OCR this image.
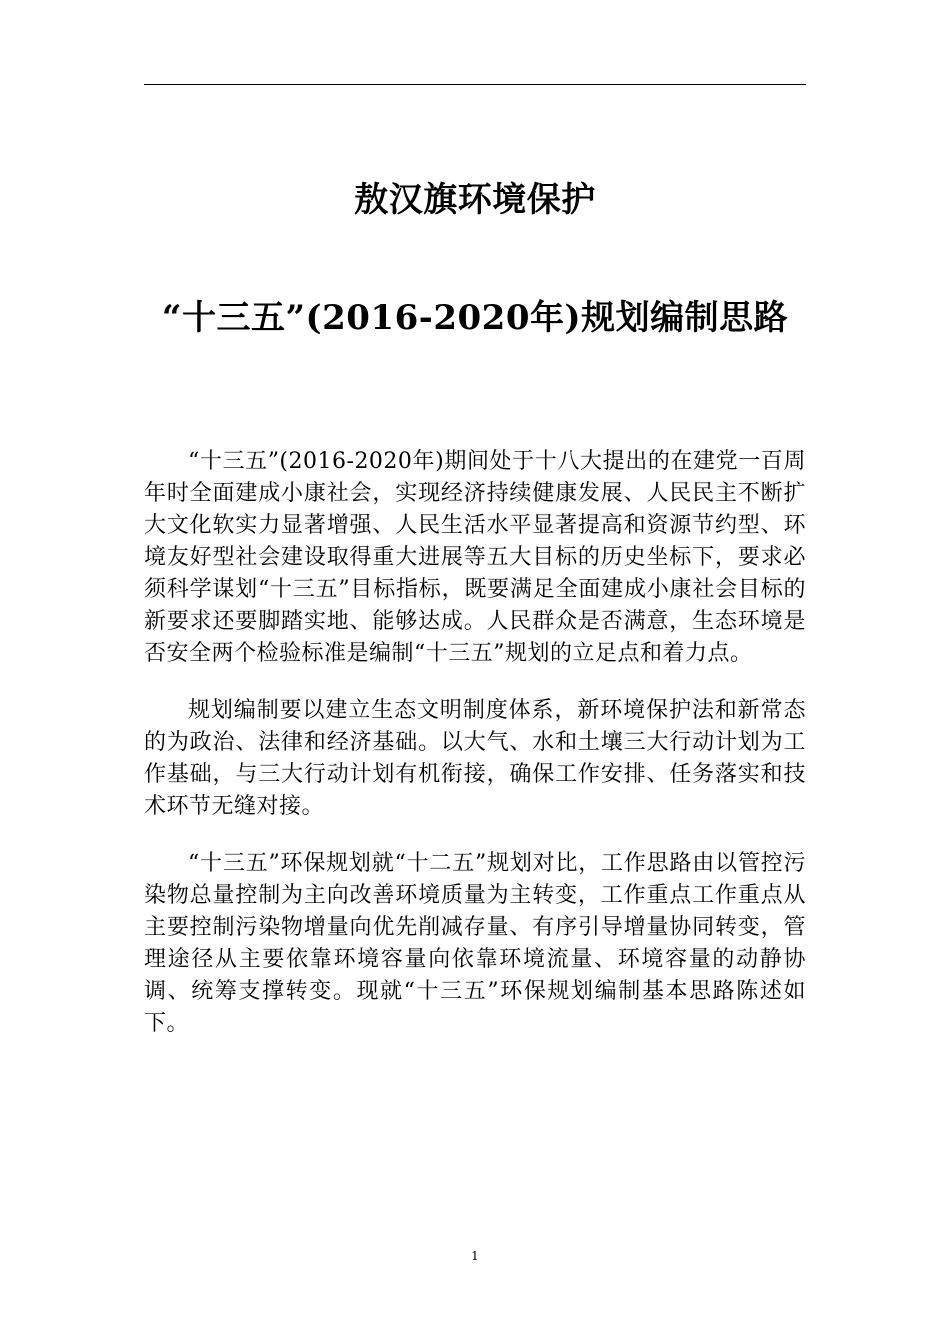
敖汉旗环境保护
“十三五”(2016-2020年)规划编制思路

“十三五”(2016-2020年)期间处于十八大提出的在建党一百周年时全面建成小康社会，实现经济持续健康发展、人民民主不断扩大文化软实力显著增强、人民生活水平显著提高和资源节约型、环境友好型社会建设取得重大进展等五大目标的历史坐标下，要求必须科学谋划“十三五”目标指标，既要满足全面建成小康社会目标的新要求还要脚踏实地、能够达成。人民群众是否满意，生态环境是否安全两个检验标准是编制“十三五”规划的立足点和着力点。

规划编制要以建立生态文明制度体系，新环境保护法和新常态的为政治、法律和经济基础。以大气、水和土壤三大行动计划为工作基础，与三大行动计划有机衔接，确保工作安排、任务落实和技术环节无缝对接。

“十三五”环保规划就“十二五”规划对比，工作思路由以管控污染物总量控制为主向改善环境质量为主转变，工作重点工作重点从主要控制污染物增量向优先削减存量、有序引导增量协同转变，管理途径从主要依靠环境容量向依靠环境流量、环境容量的动静协调、统筹支撑转变。现就“十三五”环保规划编制基本思路陈述如下。

1
